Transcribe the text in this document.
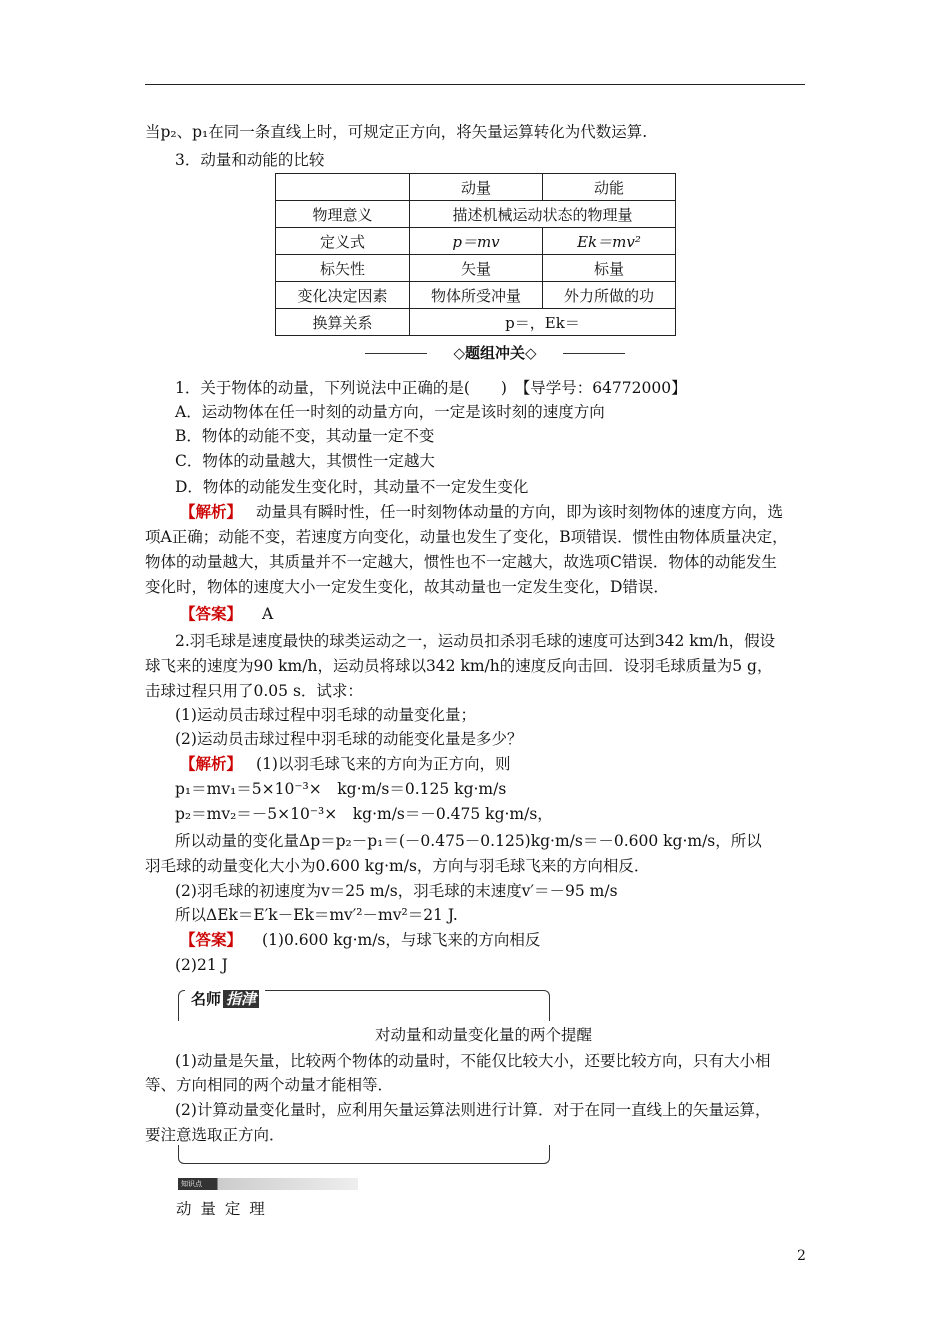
当p₂、p₁在同一条直线上时，可规定正方向，将矢量运算转化为代数运算.
3．动量和动能的比较
	动量	动能
物理意义	描述机械运动状态的物理量	
定义式	p＝mv	Ek＝mv²
标矢性	矢量	标量
变化决定因素	物体所受冲量	外力所做的功
换算关系	p＝，Ek＝	
◇题组冲关◇
1．关于物体的动量，下列说法中正确的是(　　)　【导学号：64772000】
A．运动物体在任一时刻的动量方向，一定是该时刻的速度方向
B．物体的动能不变，其动量一定不变
C．物体的动量越大，其惯性一定越大
D．物体的动能发生变化时，其动量不一定发生变化
【解析】 动量具有瞬时性，任一时刻物体动量的方向，即为该时刻物体的速度方向，选
项A正确；动能不变，若速度方向变化，动量也发生了变化，B项错误．惯性由物体质量决定，
物体的动量越大，其质量并不一定越大，惯性也不一定越大，故选项C错误．物体的动能发生
变化时，物体的速度大小一定发生变化，故其动量也一定发生变化，D错误．
【答案】 A
2.羽毛球是速度最快的球类运动之一，运动员扣杀羽毛球的速度可达到342 km/h，假设
球飞来的速度为90 km/h，运动员将球以342 km/h的速度反向击回．设羽毛球质量为5 g，
击球过程只用了0.05 s．试求：
(1)运动员击球过程中羽毛球的动量变化量；
(2)运动员击球过程中羽毛球的动能变化量是多少？
【解析】 (1)以羽毛球飞来的方向为正方向，则
p₁＝mv₁＝5×10⁻³×　kg·m/s＝0.125 kg·m/s
p₂＝mv₂＝－5×10⁻³×　kg·m/s＝－0.475 kg·m/s，
所以动量的变化量Δp＝p₂－p₁＝(－0.475－0.125)kg·m/s＝－0.600 kg·m/s，所以
羽毛球的动量变化大小为0.600 kg·m/s，方向与羽毛球飞来的方向相反．
(2)羽毛球的初速度为v＝25 m/s，羽毛球的末速度v′＝－95 m/s
所以ΔEk＝E′k－Ek＝mv′²－mv²＝21 J.
【答案】 (1)0.600 kg·m/s，与球飞来的方向相反
(2)21 J
名师 指津
对动量和动量变化量的两个提醒
(1)动量是矢量，比较两个物体的动量时，不能仅比较大小，还要比较方向，只有大小相
等、方向相同的两个动量才能相等．
(2)计算动量变化量时，应利用矢量运算法则进行计算．对于在同一直线上的矢量运算，
要注意选取正方向．
知识点
动 量 定 理
2
